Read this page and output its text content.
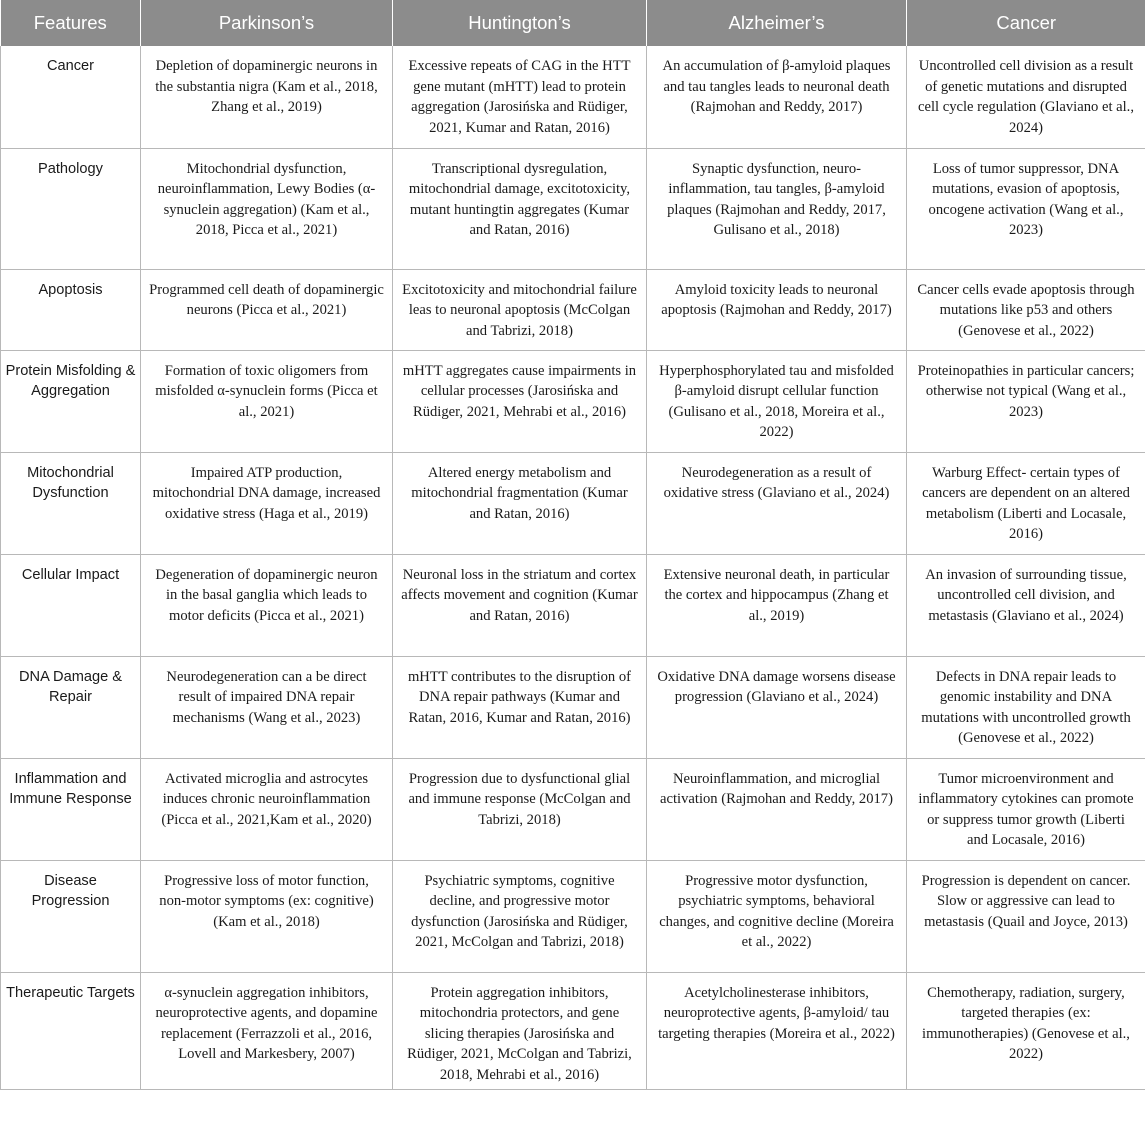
Features	Parkinson’s	Huntington’s	Alzheimer’s	Cancer
Cancer	Depletion of dopaminergic neurons in the substantia nigra (Kam et al., 2018, Zhang et al., 2019)	Excessive repeats of CAG in the HTT gene mutant (mHTT) lead to protein aggregation (Jarosińska and Rüdiger, 2021, Kumar and Ratan, 2016)	An accumulation of β-amyloid plaques and tau tangles leads to neuronal death (Rajmohan and Reddy, 2017)	Uncontrolled cell division as a result of genetic mutations and disrupted cell cycle regulation (Glaviano et al., 2024)
Pathology	Mitochondrial dysfunction, neuroinflammation, Lewy Bodies (α-synuclein aggregation) (Kam et al., 2018, Picca et al., 2021)	Transcriptional dysregulation, mitochondrial damage, excitotoxicity, mutant huntingtin aggregates (Kumar and Ratan, 2016)	Synaptic dysfunction, neuro-inflammation, tau tangles, β-amyloid plaques (Rajmohan and Reddy, 2017, Gulisano et al., 2018)	Loss of tumor suppressor, DNA mutations, evasion of apoptosis, oncogene activation (Wang et al., 2023)
Apoptosis	Programmed cell death of dopaminergic neurons (Picca et al., 2021)	Excitotoxicity and mitochondrial failure leas to neuronal apoptosis (McColgan and Tabrizi, 2018)	Amyloid toxicity leads to neuronal apoptosis (Rajmohan and Reddy, 2017)	Cancer cells evade apoptosis through mutations like p53 and others (Genovese et al., 2022)
Protein Misfolding & Aggregation	Formation of toxic oligomers from misfolded α-synuclein forms (Picca et al., 2021)	mHTT aggregates cause impairments in cellular processes (Jarosińska and Rüdiger, 2021, Mehrabi et al., 2016)	Hyperphosphorylated tau and misfolded β-amyloid disrupt cellular function (Gulisano et al., 2018, Moreira et al., 2022)	Proteinopathies in particular cancers; otherwise not typical (Wang et al., 2023)
Mitochondrial Dysfunction	Impaired ATP production, mitochondrial DNA damage, increased oxidative stress (Haga et al., 2019)	Altered energy metabolism and mitochondrial fragmentation (Kumar and Ratan, 2016)	Neurodegeneration as a result of oxidative stress (Glaviano et al., 2024)	Warburg Effect- certain types of cancers are dependent on an altered metabolism (Liberti and Locasale, 2016)
Cellular Impact	Degeneration of dopaminergic neuron in the basal ganglia which leads to motor deficits (Picca et al., 2021)	Neuronal loss in the striatum and cortex affects movement and cognition (Kumar and Ratan, 2016)	Extensive neuronal death, in particular the cortex and hippocampus (Zhang et al., 2019)	An invasion of surrounding tissue, uncontrolled cell division, and metastasis (Glaviano et al., 2024)
DNA Damage & Repair	Neurodegeneration can a be direct result of impaired DNA repair mechanisms (Wang et al., 2023)	mHTT contributes to the disruption of DNA repair pathways (Kumar and Ratan, 2016, Kumar and Ratan, 2016)	Oxidative DNA damage worsens disease progression (Glaviano et al., 2024)	Defects in DNA repair leads to genomic instability and DNA mutations with uncontrolled growth (Genovese et al., 2022)
Inflammation and Immune Response	Activated microglia and astrocytes induces chronic neuroinflammation (Picca et al., 2021,Kam et al., 2020)	Progression due to dysfunctional glial and immune response (McColgan and Tabrizi, 2018)	Neuroinflammation, and microglial activation (Rajmohan and Reddy, 2017)	Tumor microenvironment and inflammatory cytokines can promote or suppress tumor growth (Liberti and Locasale, 2016)
Disease Progression	Progressive loss of motor function, non-motor symptoms (ex: cognitive) (Kam et al., 2018)	Psychiatric symptoms, cognitive decline, and progressive motor dysfunction (Jarosińska and Rüdiger, 2021, McColgan and Tabrizi, 2018)	Progressive motor dysfunction, psychiatric symptoms, behavioral changes, and cognitive decline (Moreira et al., 2022)	Progression is dependent on cancer. Slow or aggressive can lead to metastasis (Quail and Joyce, 2013)
Therapeutic Targets	α-synuclein aggregation inhibitors, neuroprotective agents, and dopamine replacement (Ferrazzoli et al., 2016, Lovell and Markesbery, 2007)	Protein aggregation inhibitors, mitochondria protectors, and gene slicing therapies (Jarosińska and Rüdiger, 2021, McColgan and Tabrizi, 2018, Mehrabi et al., 2016)	Acetylcholinesterase inhibitors, neuroprotective agents, β-amyloid/ tau targeting therapies (Moreira et al., 2022)	Chemotherapy, radiation, surgery, targeted therapies (ex: immunotherapies) (Genovese et al., 2022)
